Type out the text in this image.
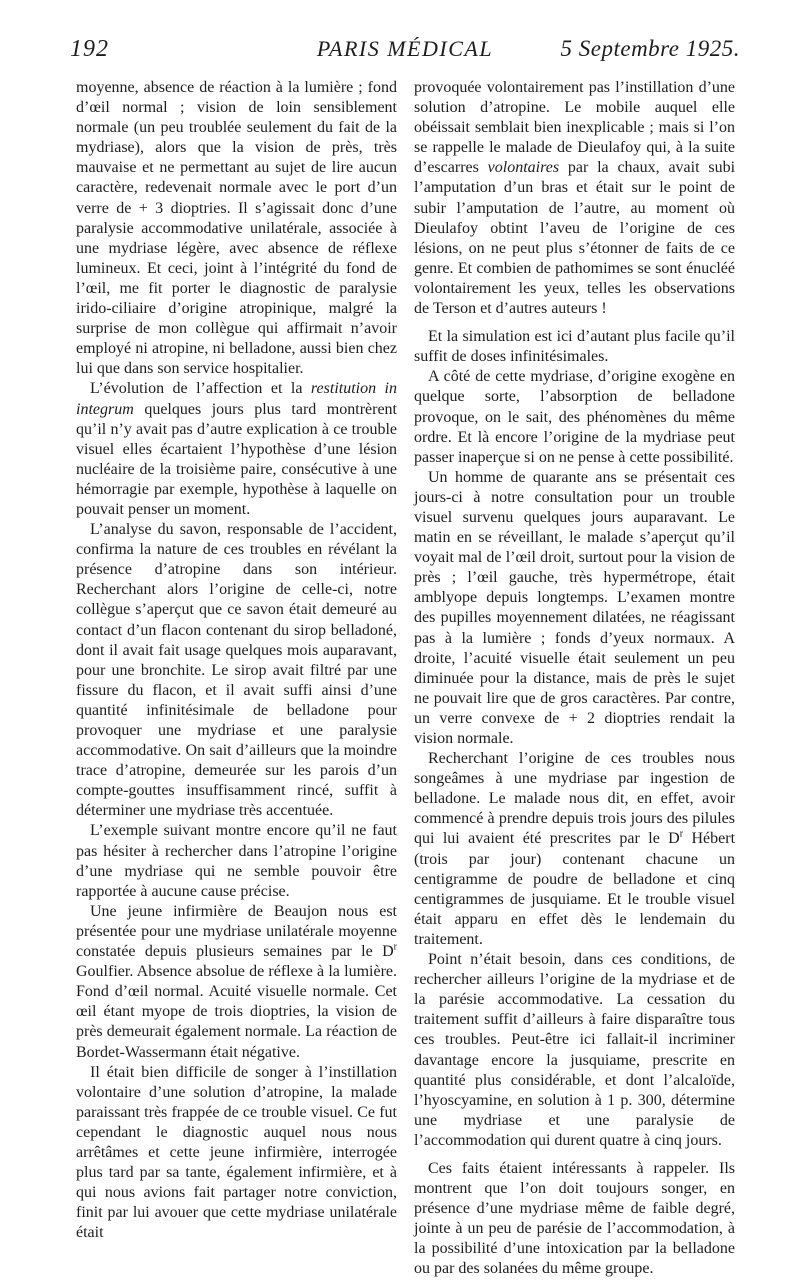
192	PARIS MÉDICAL	5 Septembre 1925.

moyenne, absence de réaction à la lumière ; fond d’œil normal ; vision de loin sensiblement normale (un peu troublée seulement du fait de la mydriase), alors que la vision de près, très mauvaise et ne permettant au sujet de lire aucun caractère, redevenait normale avec le port d’un verre de + 3 dioptries. Il s’agissait donc d’une paralysie accommodative unilatérale, associée à une mydriase légère, avec absence de réflexe lumineux. Et ceci, joint à l’intégrité du fond de l’œil, me fit porter le diagnostic de paralysie irido-ciliaire d’origine atropinique, malgré la surprise de mon collègue qui affirmait n’avoir employé ni atropine, ni belladone, aussi bien chez lui que dans son service hospitalier.

L’évolution de l’affection et la restitution in integrum quelques jours plus tard montrèrent qu’il n’y avait pas d’autre explication à ce trouble visuel elles écartaient l’hypothèse d’une lésion nucléaire de la troisième paire, consécutive à une hémorragie par exemple, hypothèse à laquelle on pouvait penser un moment.

L’analyse du savon, responsable de l’accident, confirma la nature de ces troubles en révélant la présence d’atropine dans son intérieur. Recherchant alors l’origine de celle-ci, notre collègue s’aperçut que ce savon était demeuré au contact d’un flacon contenant du sirop belladoné, dont il avait fait usage quelques mois auparavant, pour une bronchite. Le sirop avait filtré par une fissure du flacon, et il avait suffi ainsi d’une quantité infinitésimale de belladone pour provoquer une mydriase et une paralysie accommodative. On sait d’ailleurs que la moindre trace d’atropine, demeurée sur les parois d’un compte-gouttes insuffisamment rincé, suffit à déterminer une mydriase très accentuée.

L’exemple suivant montre encore qu’il ne faut pas hésiter à rechercher dans l’atropine l’origine d’une mydriase qui ne semble pouvoir être rapportée à aucune cause précise.

Une jeune infirmière de Beaujon nous est présentée pour une mydriase unilatérale moyenne constatée depuis plusieurs semaines par le $D^r$ Goulfier. Absence absolue de réflexe à la lumière. Fond d’œil normal. Acuité visuelle normale. Cet œil étant myope de trois dioptries, la vision de près demeurait également normale. La réaction de Bordet-Wassermann était négative.

Il était bien difficile de songer à l’instillation volontaire d’une solution d’atropine, la malade paraissant très frappée de ce trouble visuel. Ce fut cependant le diagnostic auquel nous nous arrêtâmes et cette jeune infirmière, interrogée plus tard par sa tante, également infirmière, et à qui nous avions fait partager notre conviction, finit par lui avouer que cette mydriase unilatérale était

provoquée volontairement pas l’instillation d’une solution d’atropine. Le mobile auquel elle obéissait semblait bien inexplicable ; mais si l’on se rappelle le malade de Dieulafoy qui, à la suite d’escarres volontaires par la chaux, avait subi l’amputation d’un bras et était sur le point de subir l’amputation de l’autre, au moment où Dieulafoy obtint l’aveu de l’origine de ces lésions, on ne peut plus s’étonner de faits de ce genre. Et combien de pathomimes se sont énucléé volontairement les yeux, telles les observations de Terson et d’autres auteurs !

Et la simulation est ici d’autant plus facile qu’il suffit de doses infinitésimales.

A côté de cette mydriase, d’origine exogène en quelque sorte, l’absorption de belladone provoque, on le sait, des phénomènes du même ordre. Et là encore l’origine de la mydriase peut passer inaperçue si on ne pense à cette possibilité.

Un homme de quarante ans se présentait ces jours-ci à notre consultation pour un trouble visuel survenu quelques jours auparavant. Le matin en se réveillant, le malade s’aperçut qu’il voyait mal de l’œil droit, surtout pour la vision de près ; l’œil gauche, très hypermétrope, était amblyope depuis longtemps. L’examen montre des pupilles moyennement dilatées, ne réagissant pas à la lumière ; fonds d’yeux normaux. A droite, l’acuité visuelle était seulement un peu diminuée pour la distance, mais de près le sujet ne pouvait lire que de gros caractères. Par contre, un verre convexe de + 2 dioptries rendait la vision normale.

Recherchant l’origine de ces troubles nous songeâmes à une mydriase par ingestion de belladone. Le malade nous dit, en effet, avoir commencé à prendre depuis trois jours des pilules qui lui avaient été prescrites par le $D^r$ Hébert (trois par jour) contenant chacune un centigramme de poudre de belladone et cinq centigrammes de jusquiame. Et le trouble visuel était apparu en effet dès le lendemain du traitement.

Point n’était besoin, dans ces conditions, de rechercher ailleurs l’origine de la mydriase et de la parésie accommodative. La cessation du traitement suffit d’ailleurs à faire disparaître tous ces troubles. Peut-être ici fallait-il incriminer davantage encore la jusquiame, prescrite en quantité plus considérable, et dont l’alcaloïde, l’hyoscyamine, en solution à 1 p. 300, détermine une mydriase et une paralysie de l’accommodation qui durent quatre à cinq jours.

Ces faits étaient intéressants à rappeler. Ils montrent que l’on doit toujours songer, en présence d’une mydriase même de faible degré, jointe à un peu de parésie de l’accommodation, à la possibilité d’une intoxication par la belladone ou par des solanées du même groupe.
